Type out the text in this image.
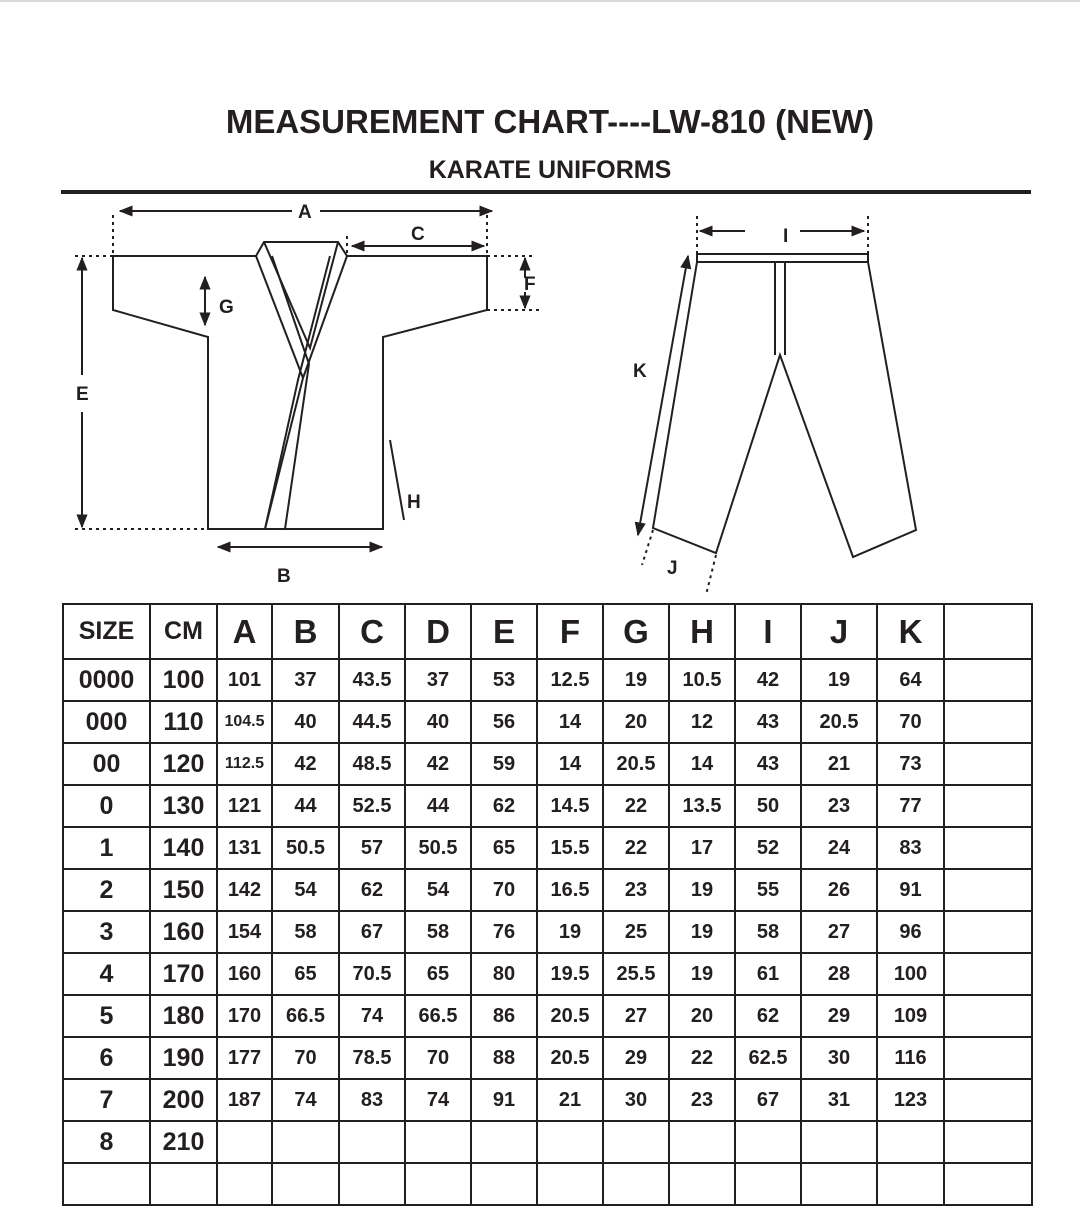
MEASUREMENT CHART----LW-810 (NEW)
KARATE UNIFORMS
A
C
E
G
F
H
B
I
K
J
SIZE	CM	A	B	C	D	E	F	G	H	I	J	K	
0000	100	101	37	43.5	37	53	12.5	19	10.5	42	19	64	
000	110	104.5	40	44.5	40	56	14	20	12	43	20.5	70	
00	120	112.5	42	48.5	42	59	14	20.5	14	43	21	73	
0	130	121	44	52.5	44	62	14.5	22	13.5	50	23	77	
1	140	131	50.5	57	50.5	65	15.5	22	17	52	24	83	
2	150	142	54	62	54	70	16.5	23	19	55	26	91	
3	160	154	58	67	58	76	19	25	19	58	27	96	
4	170	160	65	70.5	65	80	19.5	25.5	19	61	28	100	
5	180	170	66.5	74	66.5	86	20.5	27	20	62	29	109	
6	190	177	70	78.5	70	88	20.5	29	22	62.5	30	116	
7	200	187	74	83	74	91	21	30	23	67	31	123	
8	210												
